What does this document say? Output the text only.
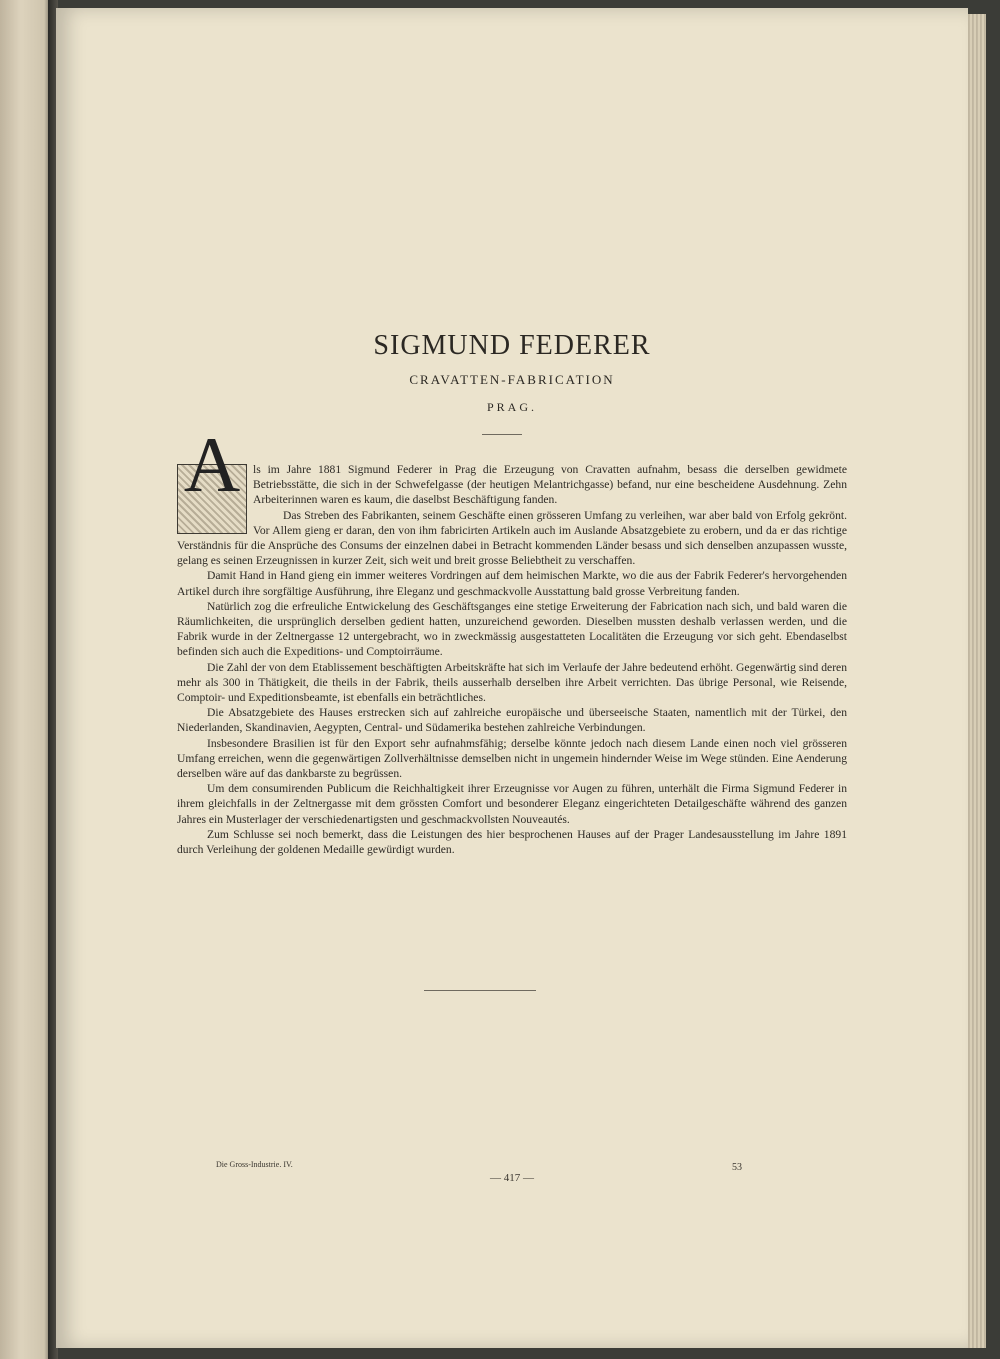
SIGMUND FEDERER
CRAVATTEN-FABRICATION
PRAG.
A	ls im Jahre 1881 Sigmund Federer in Prag die Erzeugung von Cravatten aufnahm, besass die derselben gewidmete Betriebsstätte, die sich in der Schwefelgasse (der heutigen Melantrichgasse) befand, nur eine bescheidene Ausdehnung. Zehn Arbeiterinnen waren es kaum, die daselbst Beschäftigung fanden.

Das Streben des Fabrikanten, seinem Geschäfte einen grösseren Umfang zu verleihen, war aber bald von Erfolg gekrönt. Vor Allem gieng er daran, den von ihm fabricirten Artikeln auch im Auslande Absatzgebiete zu erobern, und da er das richtige Verständnis für die Ansprüche des Consums der einzelnen dabei in Betracht kommenden Länder besass und sich denselben anzupassen wusste, gelang es seinen Erzeugnissen in kurzer Zeit, sich weit und breit grosse Beliebtheit zu verschaffen.

Damit Hand in Hand gieng ein immer weiteres Vordringen auf dem heimischen Markte, wo die aus der Fabrik Federer's hervorgehenden Artikel durch ihre sorgfältige Ausführung, ihre Eleganz und geschmackvolle Ausstattung bald grosse Verbreitung fanden.

Natürlich zog die erfreuliche Entwickelung des Geschäftsganges eine stetige Erweiterung der Fabrication nach sich, und bald waren die Räumlichkeiten, die ursprünglich derselben gedient hatten, unzureichend geworden. Dieselben mussten deshalb verlassen werden, und die Fabrik wurde in der Zeltnergasse 12 untergebracht, wo in zweckmässig ausgestatteten Localitäten die Erzeugung vor sich geht. Ebendaselbst befinden sich auch die Expeditions- und Comptoirräume.

Die Zahl der von dem Etablissement beschäftigten Arbeitskräfte hat sich im Verlaufe der Jahre bedeutend erhöht. Gegenwärtig sind deren mehr als 300 in Thätigkeit, die theils in der Fabrik, theils ausserhalb derselben ihre Arbeit verrichten. Das übrige Personal, wie Reisende, Comptoir- und Expeditionsbeamte, ist ebenfalls ein beträchtliches.

Die Absatzgebiete des Hauses erstrecken sich auf zahlreiche europäische und überseeische Staaten, namentlich mit der Türkei, den Niederlanden, Skandinavien, Aegypten, Central- und Südamerika bestehen zahlreiche Verbindungen.

Insbesondere Brasilien ist für den Export sehr aufnahmsfähig; derselbe könnte jedoch nach diesem Lande einen noch viel grösseren Umfang erreichen, wenn die gegenwärtigen Zollverhältnisse demselben nicht in ungemein hindernder Weise im Wege stünden. Eine Aenderung derselben wäre auf das dankbarste zu begrüssen.

Um dem consumirenden Publicum die Reichhaltigkeit ihrer Erzeugnisse vor Augen zu führen, unterhält die Firma Sigmund Federer in ihrem gleichfalls in der Zeltnergasse mit dem grössten Comfort und besonderer Eleganz eingerichteten Detailgeschäfte während des ganzen Jahres ein Musterlager der verschiedenartigsten und geschmackvollsten Nouveautés.

Zum Schlusse sei noch bemerkt, dass die Leistungen des hier besprochenen Hauses auf der Prager Landesausstellung im Jahre 1891 durch Verleihung der goldenen Medaille gewürdigt wurden.

Die Gross-Industrie. IV.
— 417 —
53
